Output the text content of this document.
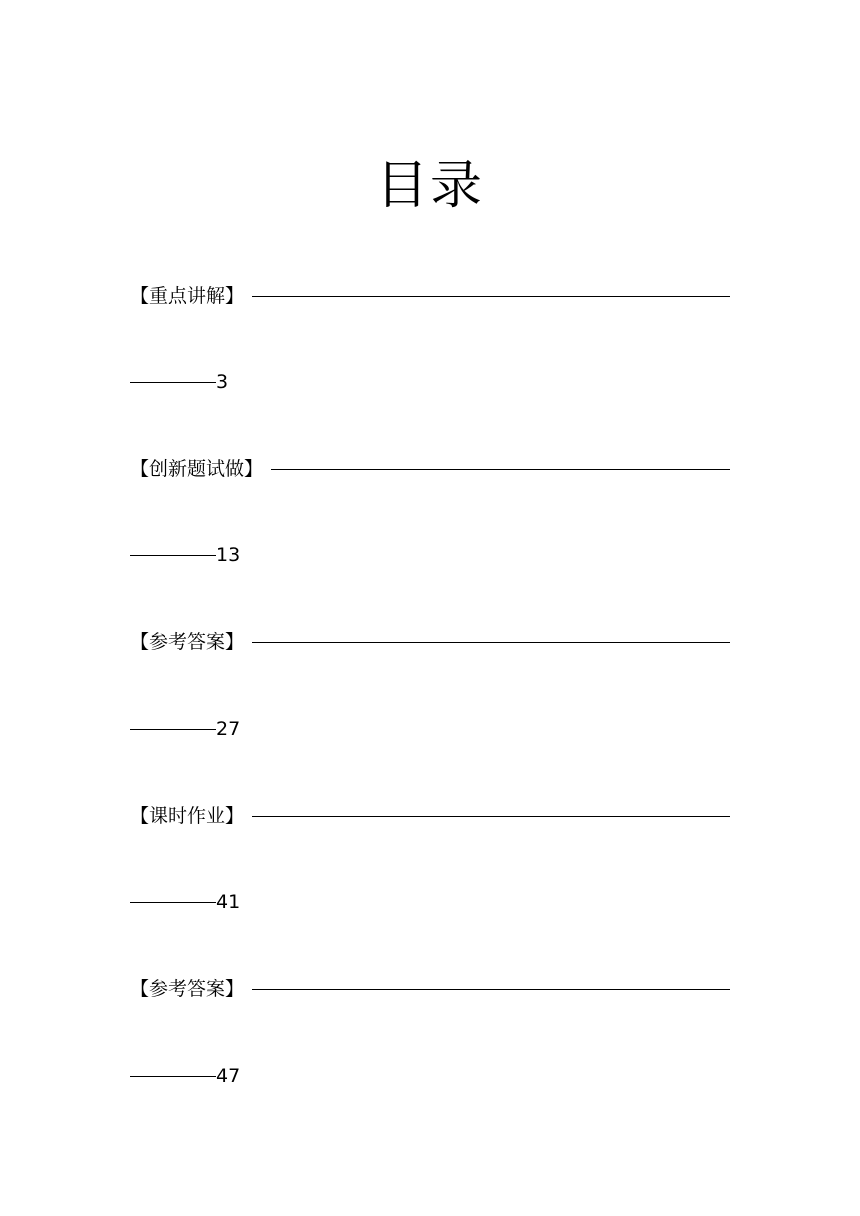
目录
【重点讲解】
3
【创新题试做】
13
【参考答案】
27
【课时作业】
41
【参考答案】
47
